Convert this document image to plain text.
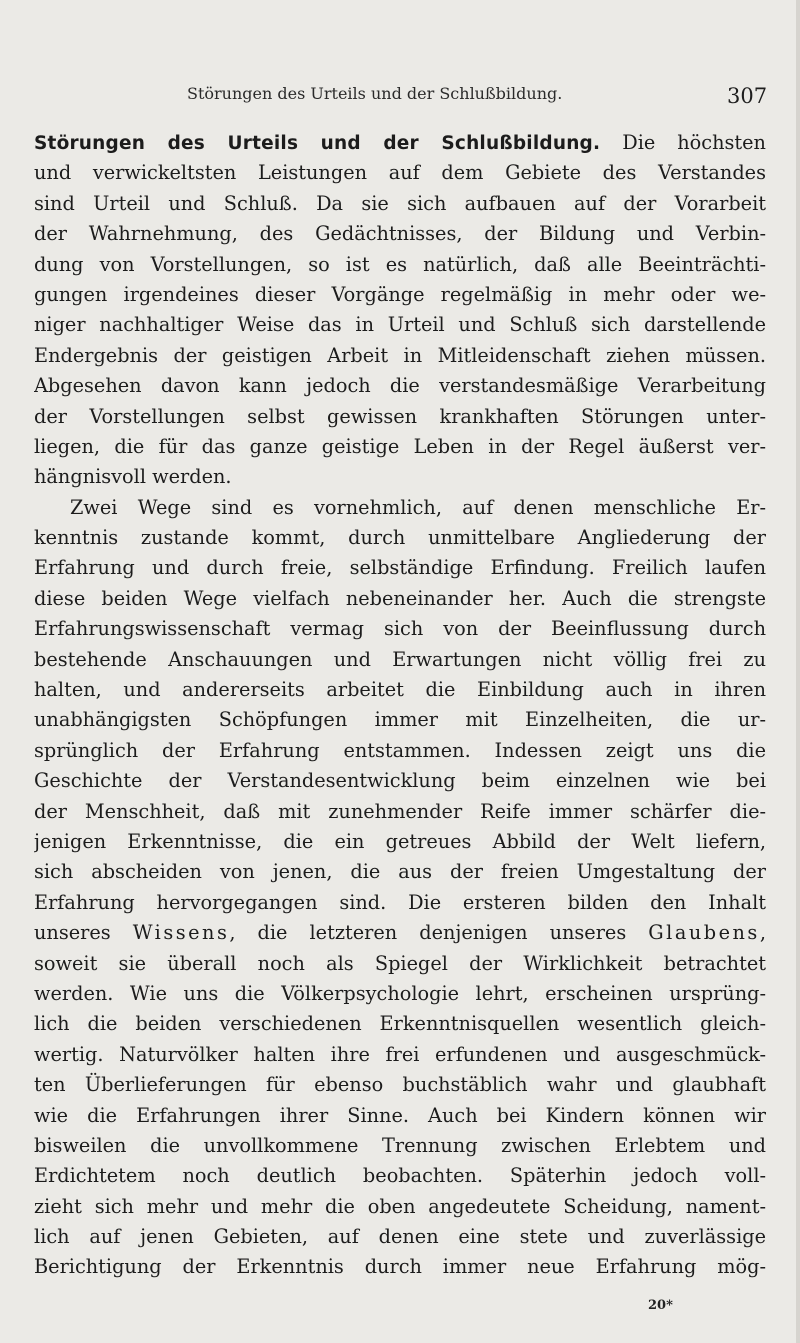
Störungen des Urteils und der Schlußbildung.	307
Störungen des Urteils und der Schlußbildung. Die höchsten
und verwickeltsten Leistungen auf dem Gebiete des Verstandes
sind Urteil und Schluß. Da sie sich aufbauen auf der Vorarbeit
der Wahrnehmung, des Gedächtnisses, der Bildung und Verbin-
dung von Vorstellungen, so ist es natürlich, daß alle Beeinträchti-
gungen irgendeines dieser Vorgänge regelmäßig in mehr oder we-
niger nachhaltiger Weise das in Urteil und Schluß sich darstellende
Endergebnis der geistigen Arbeit in Mitleidenschaft ziehen müssen.
Abgesehen davon kann jedoch die verstandesmäßige Verarbeitung
der Vorstellungen selbst gewissen krankhaften Störungen unter-
liegen, die für das ganze geistige Leben in der Regel äußerst ver-
hängnisvoll werden.
Zwei Wege sind es vornehmlich, auf denen menschliche Er-
kenntnis zustande kommt, durch unmittelbare Angliederung der
Erfahrung und durch freie, selbständige Erfindung. Freilich laufen
diese beiden Wege vielfach nebeneinander her. Auch die strengste
Erfahrungswissenschaft vermag sich von der Beeinflussung durch
bestehende Anschauungen und Erwartungen nicht völlig frei zu
halten, und andererseits arbeitet die Einbildung auch in ihren
unabhängigsten Schöpfungen immer mit Einzelheiten, die ur-
sprünglich der Erfahrung entstammen. Indessen zeigt uns die
Geschichte der Verstandesentwicklung beim einzelnen wie bei
der Menschheit, daß mit zunehmender Reife immer schärfer die-
jenigen Erkenntnisse, die ein getreues Abbild der Welt liefern,
sich abscheiden von jenen, die aus der freien Umgestaltung der
Erfahrung hervorgegangen sind. Die ersteren bilden den Inhalt
unseres Wissens, die letzteren denjenigen unseres Glaubens,
soweit sie überall noch als Spiegel der Wirklichkeit betrachtet
werden. Wie uns die Völkerpsychologie lehrt, erscheinen ursprüng-
lich die beiden verschiedenen Erkenntnisquellen wesentlich gleich-
wertig. Naturvölker halten ihre frei erfundenen und ausgeschmück-
ten Überlieferungen für ebenso buchstäblich wahr und glaubhaft
wie die Erfahrungen ihrer Sinne. Auch bei Kindern können wir
bisweilen die unvollkommene Trennung zwischen Erlebtem und
Erdichtetem noch deutlich beobachten. Späterhin jedoch voll-
zieht sich mehr und mehr die oben angedeutete Scheidung, nament-
lich auf jenen Gebieten, auf denen eine stete und zuverlässige
Berichtigung der Erkenntnis durch immer neue Erfahrung mög-
20*
